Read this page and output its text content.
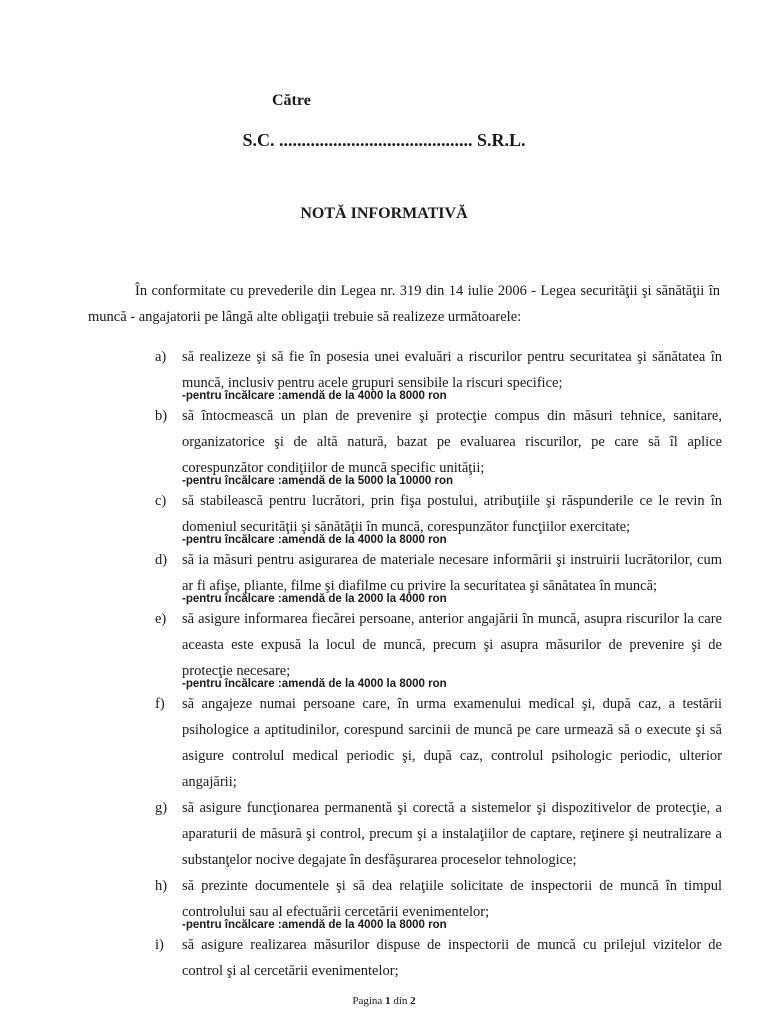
Către
S.C. ........................................... S.R.L.
NOTĂ INFORMATIVĂ
În conformitate cu prevederile din Legea nr. 319 din 14 iulie 2006 - Legea securităţii şi sănătăţii în muncă - angajatorii pe lângă alte obligaţii trebuie să realizeze următoarele:
a)	să realizeze şi să fie în posesia unei evaluări a riscurilor pentru securitatea şi sănătatea în muncă, inclusiv pentru acele grupuri sensibile la riscuri specifice;
-pentru încălcare :amendă de la 4000 la 8000 ron
b)	să întocmească un plan de prevenire şi protecţie compus din măsuri tehnice, sanitare, organizatorice şi de altă natură, bazat pe evaluarea riscurilor, pe care să îl aplice corespunzător condiţiilor de muncă specific unităţii;
-pentru încălcare :amendă de la 5000 la 10000 ron
c)	să stabilească pentru lucrători, prin fişa postului, atribuţiile şi răspunderile ce le revin în domeniul securităţii şi sănătăţii în muncă, corespunzător funcţiilor exercitate;
-pentru încălcare :amendă de la 4000 la 8000 ron
d)	să ia măsuri pentru asigurarea de materiale necesare informării şi instruirii lucrătorilor, cum ar fi afişe, pliante, filme şi diafilme cu privire la securitatea şi sănătatea în muncă;
-pentru încălcare :amendă de la 2000 la 4000 ron
e)	să asigure informarea fiecărei persoane, anterior angajării în muncă, asupra riscurilor la care aceasta este expusă la locul de muncă, precum şi asupra măsurilor de prevenire şi de protecţie necesare;
-pentru încălcare :amendă de la 4000 la 8000 ron
f)	să angajeze numai persoane care, în urma examenului medical şi, după caz, a testării psihologice a aptitudinilor, corespund sarcinii de muncă pe care urmează să o execute şi să asigure controlul medical periodic şi, după caz, controlul psihologic periodic, ulterior angajării;
g)	să asigure funcţionarea permanentă şi corectă a sistemelor şi dispozitivelor de protecţie, a aparaturii de măsură şi control, precum şi a instalaţiilor de captare, reţinere şi neutralizare a substanţelor nocive degajate în desfăşurarea proceselor tehnologice;
h)	să prezinte documentele şi să dea relaţiile solicitate de inspectorii de muncă în timpul controlului sau al efectuării cercetării evenimentelor;
-pentru încălcare :amendă de la 4000 la 8000 ron
i)	să asigure realizarea măsurilor dispuse de inspectorii de muncă cu prilejul vizitelor de control şi al cercetării evenimentelor;
Pagina 1 din 2
